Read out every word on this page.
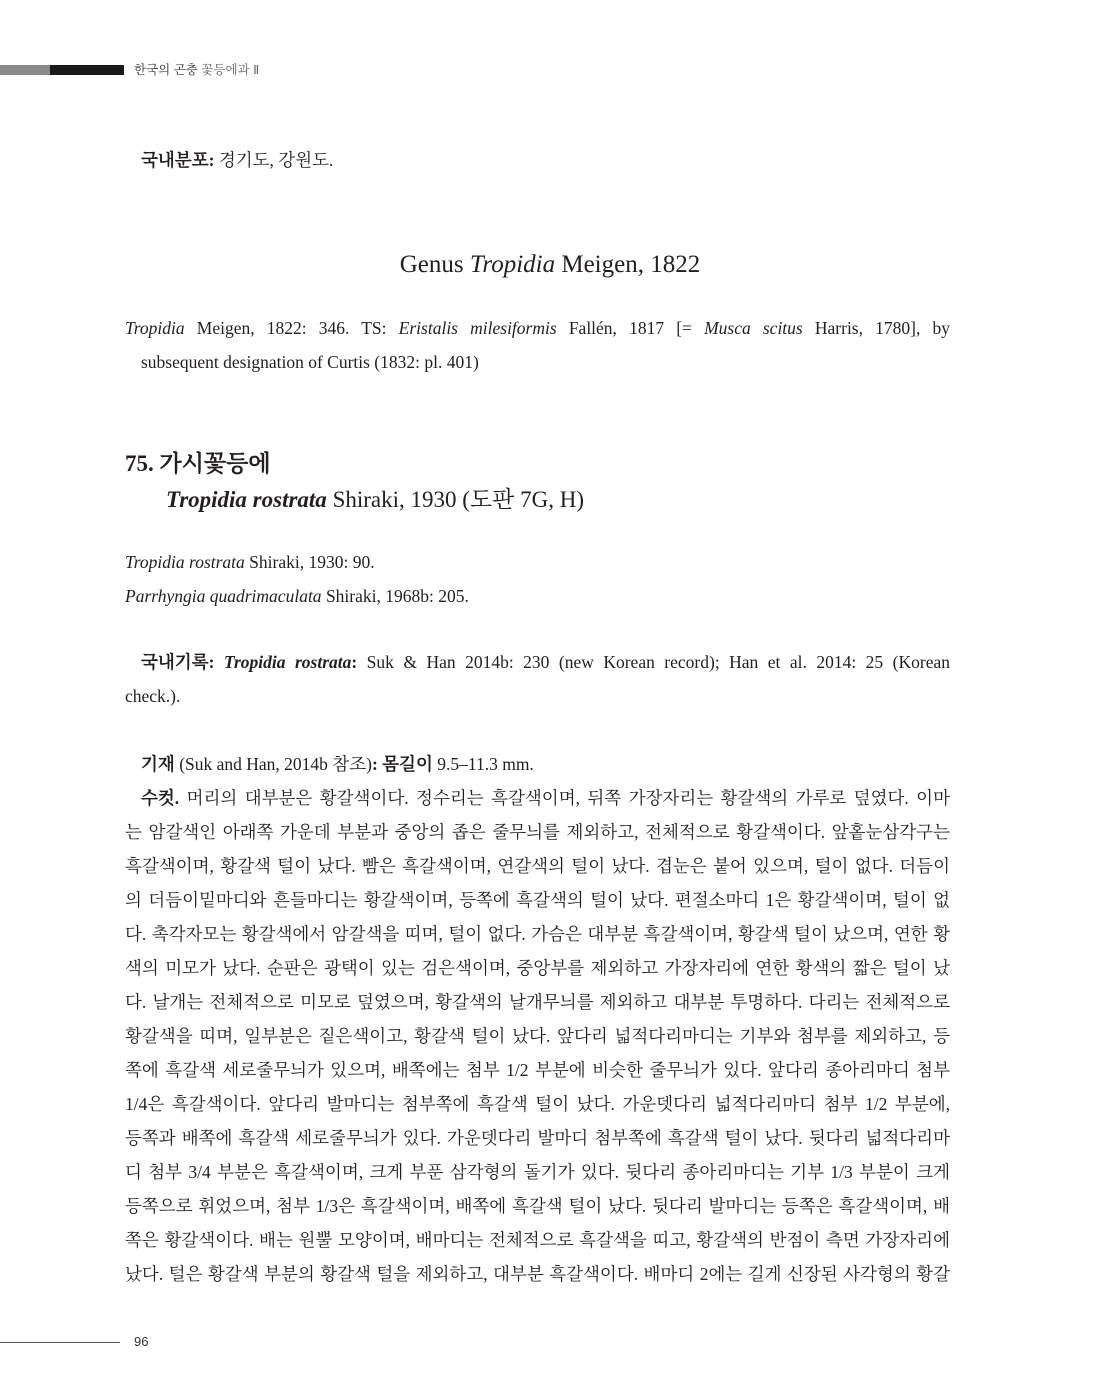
한국의 곤충 꽃등에과 Ⅱ
국내분포: 경기도, 강원도.
Genus Tropidia Meigen, 1822
Tropidia Meigen, 1822: 346. TS: Eristalis milesiformis Fallén, 1817 [= Musca scitus Harris, 1780], by
subsequent designation of Curtis (1832: pl. 401)
75. 가시꽃등에
Tropidia rostrata Shiraki, 1930 (도판 7G, H)
Tropidia rostrata Shiraki, 1930: 90.
Parrhyngia quadrimaculata Shiraki, 1968b: 205.
국내기록: Tropidia rostrata: Suk & Han 2014b: 230 (new Korean record); Han et al. 2014: 25 (Korean
check.).
기재 (Suk and Han, 2014b 참조): 몸길이 9.5–11.3 mm.

수컷. 머리의 대부분은 황갈색이다. 정수리는 흑갈색이며, 뒤쪽 가장자리는 황갈색의 가루로 덮였다. 이마

는 암갈색인 아래쪽 가운데 부분과 중앙의 좁은 줄무늬를 제외하고, 전체적으로 황갈색이다. 앞홑눈삼각구는

흑갈색이며, 황갈색 털이 났다. 빰은 흑갈색이며, 연갈색의 털이 났다. 겹눈은 붙어 있으며, 털이 없다. 더듬이

의 더듬이밑마디와 흔들마디는 황갈색이며, 등쪽에 흑갈색의 털이 났다. 편절소마디 1은 황갈색이며, 털이 없

다. 촉각자모는 황갈색에서 암갈색을 띠며, 털이 없다. 가슴은 대부분 흑갈색이며, 황갈색 털이 났으며, 연한 황

색의 미모가 났다. 순판은 광택이 있는 검은색이며, 중앙부를 제외하고 가장자리에 연한 황색의 짧은 털이 났

다. 날개는 전체적으로 미모로 덮였으며, 황갈색의 날개무늬를 제외하고 대부분 투명하다. 다리는 전체적으로

황갈색을 띠며, 일부분은 짙은색이고, 황갈색 털이 났다. 앞다리 넓적다리마디는 기부와 첨부를 제외하고, 등

쪽에 흑갈색 세로줄무늬가 있으며, 배쪽에는 첨부 1/2 부분에 비슷한 줄무늬가 있다. 앞다리 종아리마디 첨부

1/4은 흑갈색이다. 앞다리 발마디는 첨부쪽에 흑갈색 털이 났다. 가운뎃다리 넓적다리마디 첨부 1/2 부분에,

등쪽과 배쪽에 흑갈색 세로줄무늬가 있다. 가운뎃다리 발마디 첨부쪽에 흑갈색 털이 났다. 뒷다리 넓적다리마

디 첨부 3/4 부분은 흑갈색이며, 크게 부푼 삼각형의 돌기가 있다. 뒷다리 종아리마디는 기부 1/3 부분이 크게

등쪽으로 휘었으며, 첨부 1/3은 흑갈색이며, 배쪽에 흑갈색 털이 났다. 뒷다리 발마디는 등쪽은 흑갈색이며, 배

쪽은 황갈색이다. 배는 원뿔 모양이며, 배마디는 전체적으로 흑갈색을 띠고, 황갈색의 반점이 측면 가장자리에

났다. 털은 황갈색 부분의 황갈색 털을 제외하고, 대부분 흑갈색이다. 배마디 2에는 길게 신장된 사각형의 황갈

96
